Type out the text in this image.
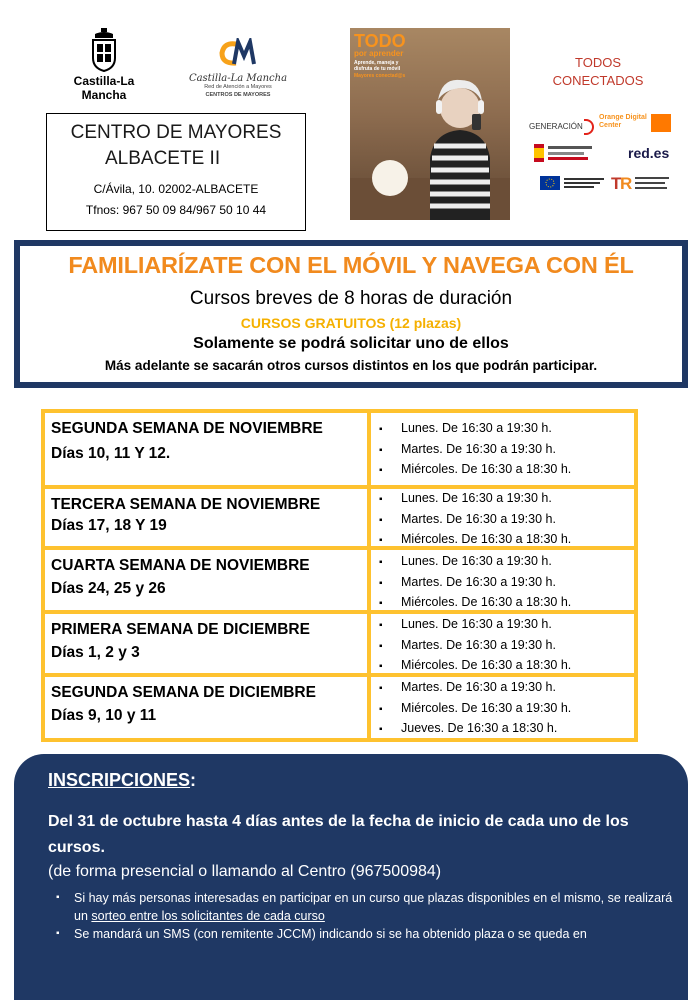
Castilla-La Mancha
Castilla-La Mancha
Red de Atención a Mayores
CENTROS DE MAYORES
CENTRO DE MAYORES
ALBACETE II
C/Ávila, 10. 02002-ALBACETE
Tfnos: 967 50 09 84/967 50 10 44
TODO
por aprender
Aprende, maneja y disfruta de tu móvil
Mayores conectad@s
TODOS CONECTADOS
GENERACIÓN
Orange Digital Center
red.es
T
R
FAMILIARÍZATE CON EL MÓVIL Y NAVEGA CON ÉL
Cursos breves de 8 horas de duración
CURSOS GRATUITOS (12 plazas)
Solamente se podrá solicitar uno de ellos
Más adelante se sacarán otros cursos distintos en los que podrán participar.
SEGUNDA SEMANA DE NOVIEMBRE
Días 10, 11 Y 12.
▪ Lunes. De 16:30 a 19:30 h.
▪ Martes. De 16:30 a 19:30 h.
▪ Miércoles. De 16:30 a 18:30 h.
TERCERA SEMANA DE NOVIEMBRE
Días 17, 18 Y 19
▪ Lunes. De 16:30 a 19:30 h.
▪ Martes. De 16:30 a 19:30 h.
▪ Miércoles. De 16:30 a 18:30 h.
CUARTA SEMANA DE NOVIEMBRE
Días 24, 25 y 26
▪ Lunes. De 16:30 a 19:30 h.
▪ Martes. De 16:30 a 19:30 h.
▪ Miércoles. De 16:30 a 18:30 h.
PRIMERA SEMANA DE DICIEMBRE
Días 1, 2 y 3
▪ Lunes. De 16:30 a 19:30 h.
▪ Martes. De 16:30 a 19:30 h.
▪ Miércoles. De 16:30 a 18:30 h.
SEGUNDA SEMANA DE DICIEMBRE
Días 9, 10 y 11
▪ Martes. De 16:30 a 19:30 h.
▪ Miércoles. De 16:30 a 19:30 h.
▪ Jueves. De 16:30 a 18:30 h.
INSCRIPCIONES:
Del 31 de octubre hasta 4 días antes de la fecha de inicio de cada uno de los cursos.
(de forma presencial o llamando al Centro (967500984)
▪ Si hay más personas interesadas en participar en un curso que plazas disponibles en el mismo, se realizará un sorteo entre los solicitantes de cada curso
▪ Se mandará un SMS (con remitente JCCM) indicando si se ha obtenido plaza o se queda en
